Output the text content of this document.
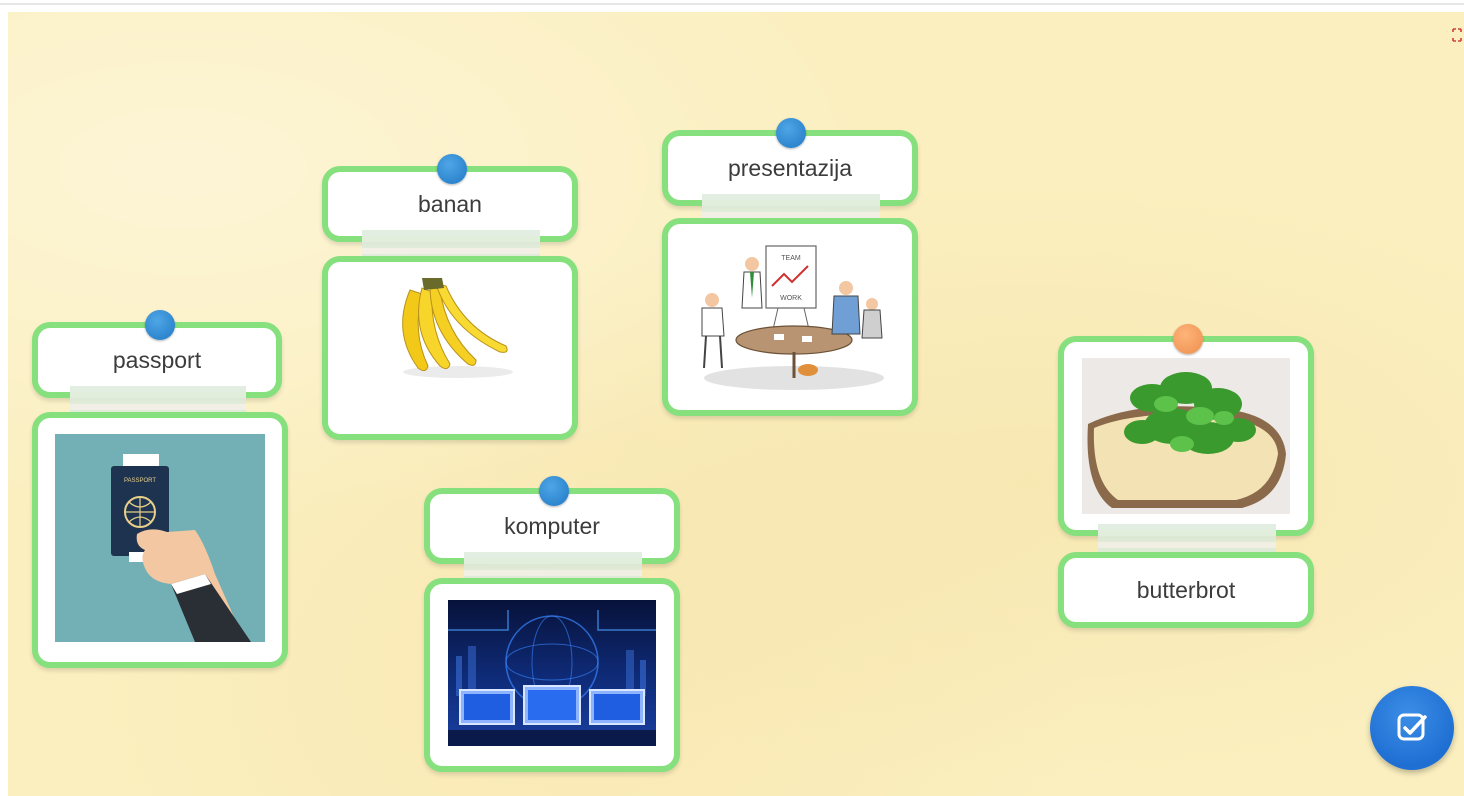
passport
PASSPORT
banan
presentazija
TEAM
WORK
komputer
butterbrot
